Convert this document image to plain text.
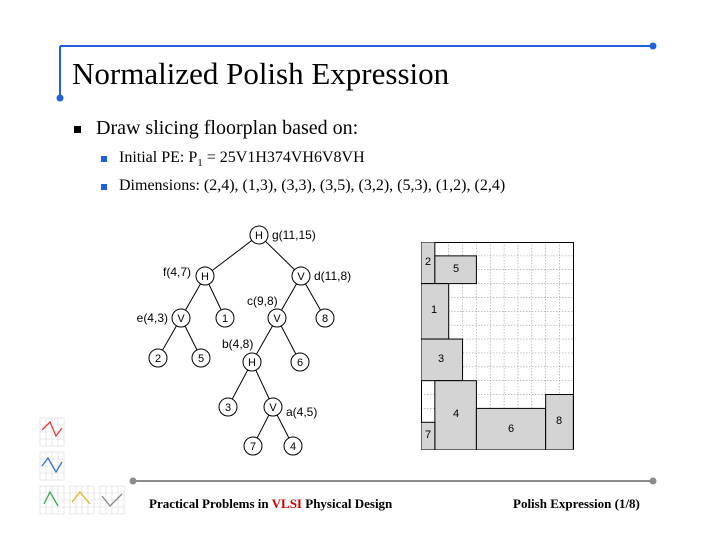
Normalized Polish Expression
Draw slicing floorplan based on:
Initial PE: $P_1 = 25V1H374VH6V8VH$
Dimensions: (2,4), (1,3), (3,3), (3,5), (3,2), (5,3), (1,2), (2,4)
H
H	V
V	1	V	8
2	5	H	6
3	V
7	4
g(11,15)
f(4,7)	d(11,8)
c(9,8)
e(4,3)
b(4,8)
a(4,5)
2
5
1
3
4
6
8
7
Practical Problems in VLSI Physical Design	Polish Expression (1/8)
